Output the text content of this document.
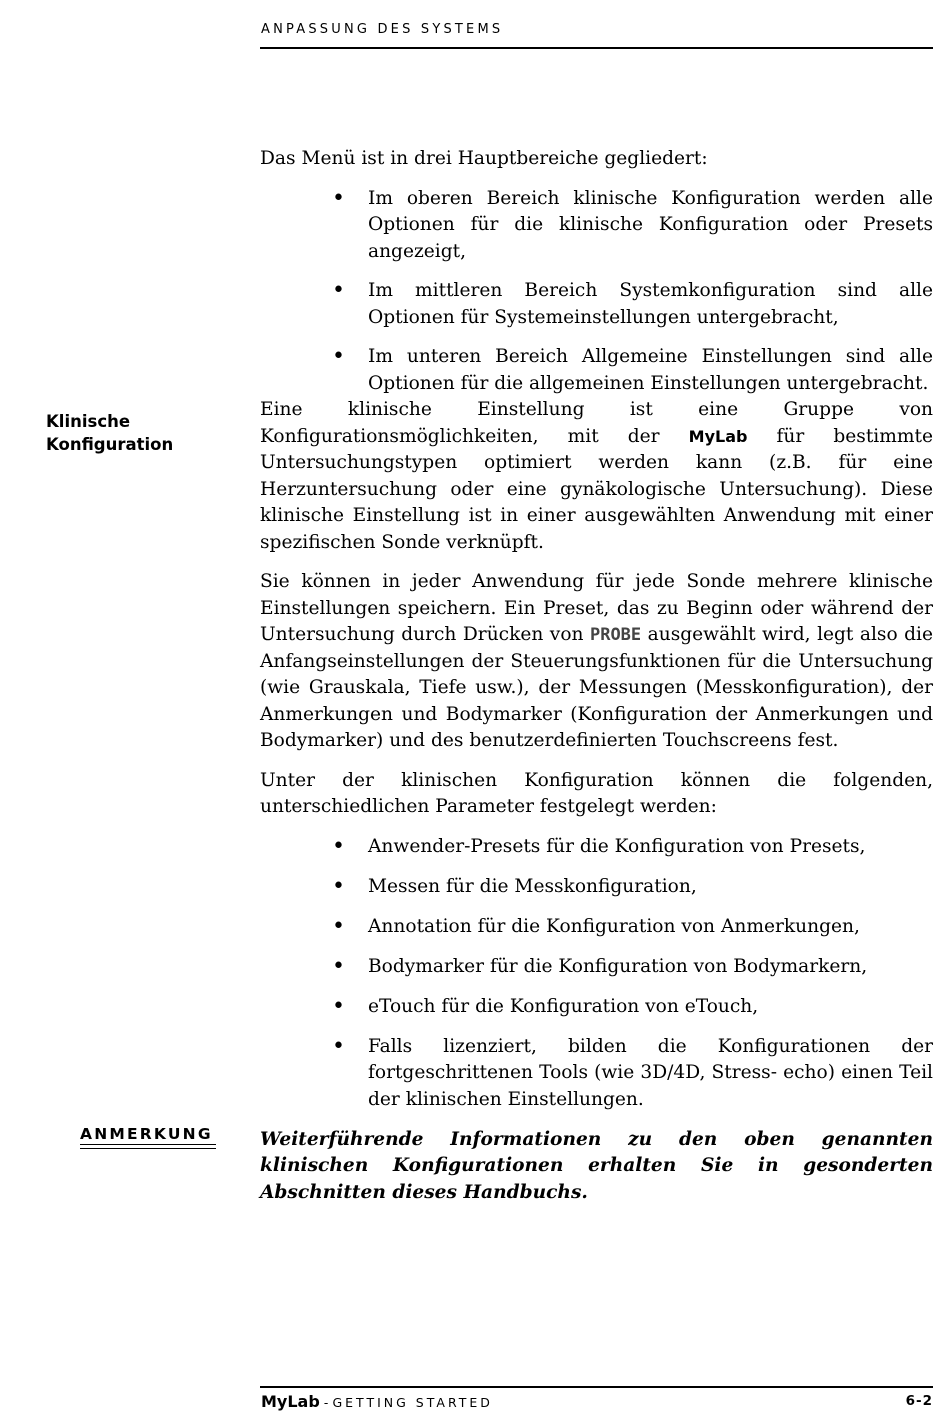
ANPASSUNG DES SYSTEMS
Klinische
Konfiguration
ANMERKUNG

Das Menü ist in drei Hauptbereiche gegliedert:

• Im oberen Bereich klinische Konfiguration werden alle Optionen für die klinische Konfiguration oder Presets angezeigt,
• Im mittleren Bereich Systemkonfiguration sind alle Optionen für Systemeinstellungen untergebracht,
• Im unteren Bereich Allgemeine Einstellungen sind alle Optionen für die allgemeinen Einstellungen untergebracht.

Eine klinische Einstellung ist eine Gruppe von Konfigurationsmöglichkeiten, mit der MyLab für bestimmte Untersuchungstypen optimiert werden kann (z.B. für eine Herzuntersuchung oder eine gynäkologische Untersuchung). Diese klinische Einstellung ist in einer ausgewählten Anwendung mit einer spezifischen Sonde verknüpft.

Sie können in jeder Anwendung für jede Sonde mehrere klinische Einstellungen speichern. Ein Preset, das zu Beginn oder während der Untersuchung durch Drücken von PROBE ausgewählt wird, legt also die Anfangseinstellungen der Steuerungsfunktionen für die Untersuchung (wie Grauskala, Tiefe usw.), der Messungen (Messkonfiguration), der Anmerkungen und Bodymarker (Konfiguration der Anmerkungen und Bodymarker) und des benutzerdefinierten Touchscreens fest.

Unter der klinischen Konfiguration können die folgenden, unterschiedlichen Parameter festgelegt werden:

• Anwender-Presets für die Konfiguration von Presets,
• Messen für die Messkonfiguration,
• Annotation für die Konfiguration von Anmerkungen,
• Bodymarker für die Konfiguration von Bodymarkern,
• eTouch für die Konfiguration von eTouch,
• Falls lizenziert, bilden die Konfigurationen der fortgeschrittenen Tools (wie 3D/4D, Stress- echo) einen Teil der klinischen Einstellungen.

Weiterführende Informationen zu den oben genannten klinischen Konfigurationen erhalten Sie in gesonderten Abschnitten dieses Handbuchs.

MyLab - GETTING STARTED	6-2
